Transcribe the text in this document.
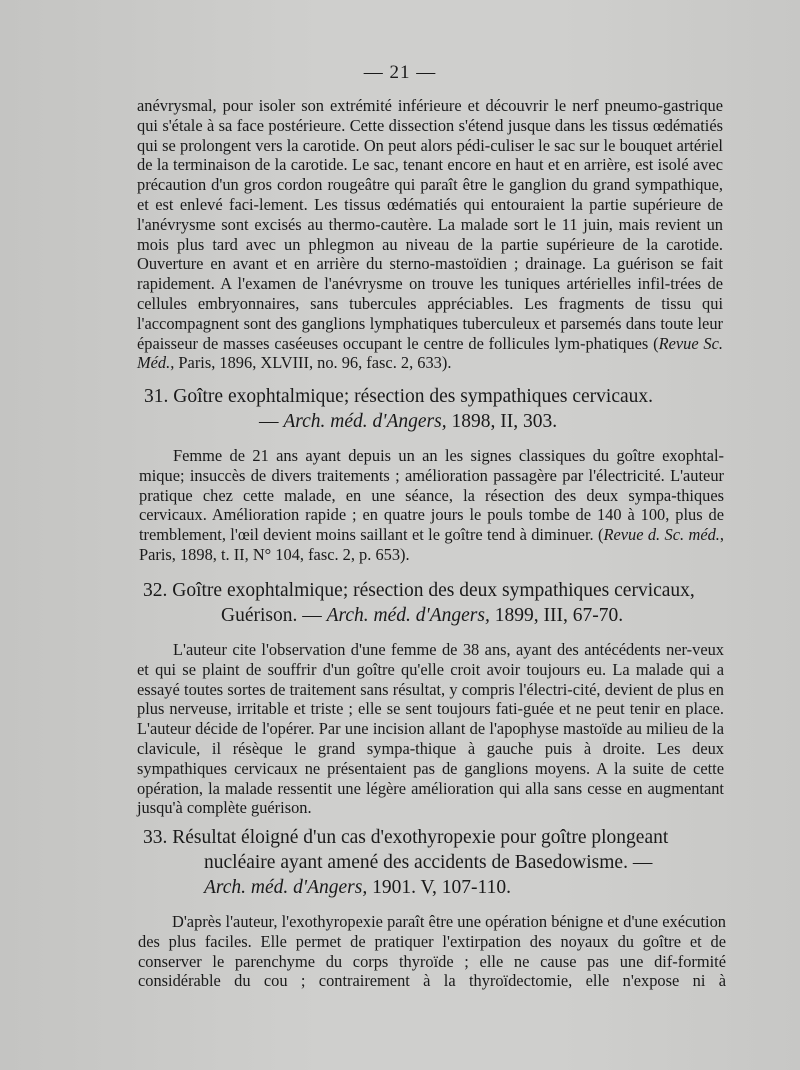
— 21 —

anévrysmal, pour isoler son extrémité inférieure et découvrir le nerf pneumo-gastrique qui s'étale à sa face postérieure. Cette dissection s'étend jusque dans les tissus œdématiés qui se prolongent vers la carotide. On peut alors pédi-culiser le sac sur le bouquet artériel de la terminaison de la carotide. Le sac, tenant encore en haut et en arrière, est isolé avec précaution d'un gros cordon rougeâtre qui paraît être le ganglion du grand sympathique, et est enlevé faci-lement. Les tissus œdématiés qui entouraient la partie supérieure de l'anévrysme sont excisés au thermo-cautère. La malade sort le 11 juin, mais revient un mois plus tard avec un phlegmon au niveau de la partie supérieure de la carotide. Ouverture en avant et en arrière du sterno-mastoïdien ; drainage. La guérison se fait rapidement. A l'examen de l'anévrysme on trouve les tuniques artérielles infil-trées de cellules embryonnaires, sans tubercules appréciables. Les fragments de tissu qui l'accompagnent sont des ganglions lymphatiques tuberculeux et parsemés dans toute leur épaisseur de masses caséeuses occupant le centre de follicules lym-phatiques (Revue Sc. Méd., Paris, 1896, XLVIII, no. 96, fasc. 2, 633).

31. Goître exophtalmique; résection des sympathiques cervicaux.
— Arch. méd. d'Angers, 1898, II, 303.

Femme de 21 ans ayant depuis un an les signes classiques du goître exophtal-mique; insuccès de divers traitements ; amélioration passagère par l'électricité. L'auteur pratique chez cette malade, en une séance, la résection des deux sympa-thiques cervicaux. Amélioration rapide ; en quatre jours le pouls tombe de 140 à 100, plus de tremblement, l'œil devient moins saillant et le goître tend à diminuer. (Revue d. Sc. méd., Paris, 1898, t. II, N° 104, fasc. 2, p. 653).

32. Goître exophtalmique; résection des deux sympathiques cervicaux,
Guérison. — Arch. méd. d'Angers, 1899, III, 67-70.

L'auteur cite l'observation d'une femme de 38 ans, ayant des antécédents ner-veux et qui se plaint de souffrir d'un goître qu'elle croit avoir toujours eu. La malade qui a essayé toutes sortes de traitement sans résultat, y compris l'électri-cité, devient de plus en plus nerveuse, irritable et triste ; elle se sent toujours fati-guée et ne peut tenir en place. L'auteur décide de l'opérer. Par une incision allant de l'apophyse mastoïde au milieu de la clavicule, il résèque le grand sympa-thique à gauche puis à droite. Les deux sympathiques cervicaux ne présentaient pas de ganglions moyens. A la suite de cette opération, la malade ressentit une légère amélioration qui alla sans cesse en augmentant jusqu'à complète guérison.

33. Résultat éloigné d'un cas d'exothyropexie pour goître plongeant
nucléaire ayant amené des accidents de Basedowisme. —
Arch. méd. d'Angers, 1901. V, 107-110.

D'après l'auteur, l'exothyropexie paraît être une opération bénigne et d'une exécution des plus faciles. Elle permet de pratiquer l'extirpation des noyaux du goître et de conserver le parenchyme du corps thyroïde ; elle ne cause pas une dif-formité considérable du cou ; contrairement à la thyroïdectomie, elle n'expose ni à
